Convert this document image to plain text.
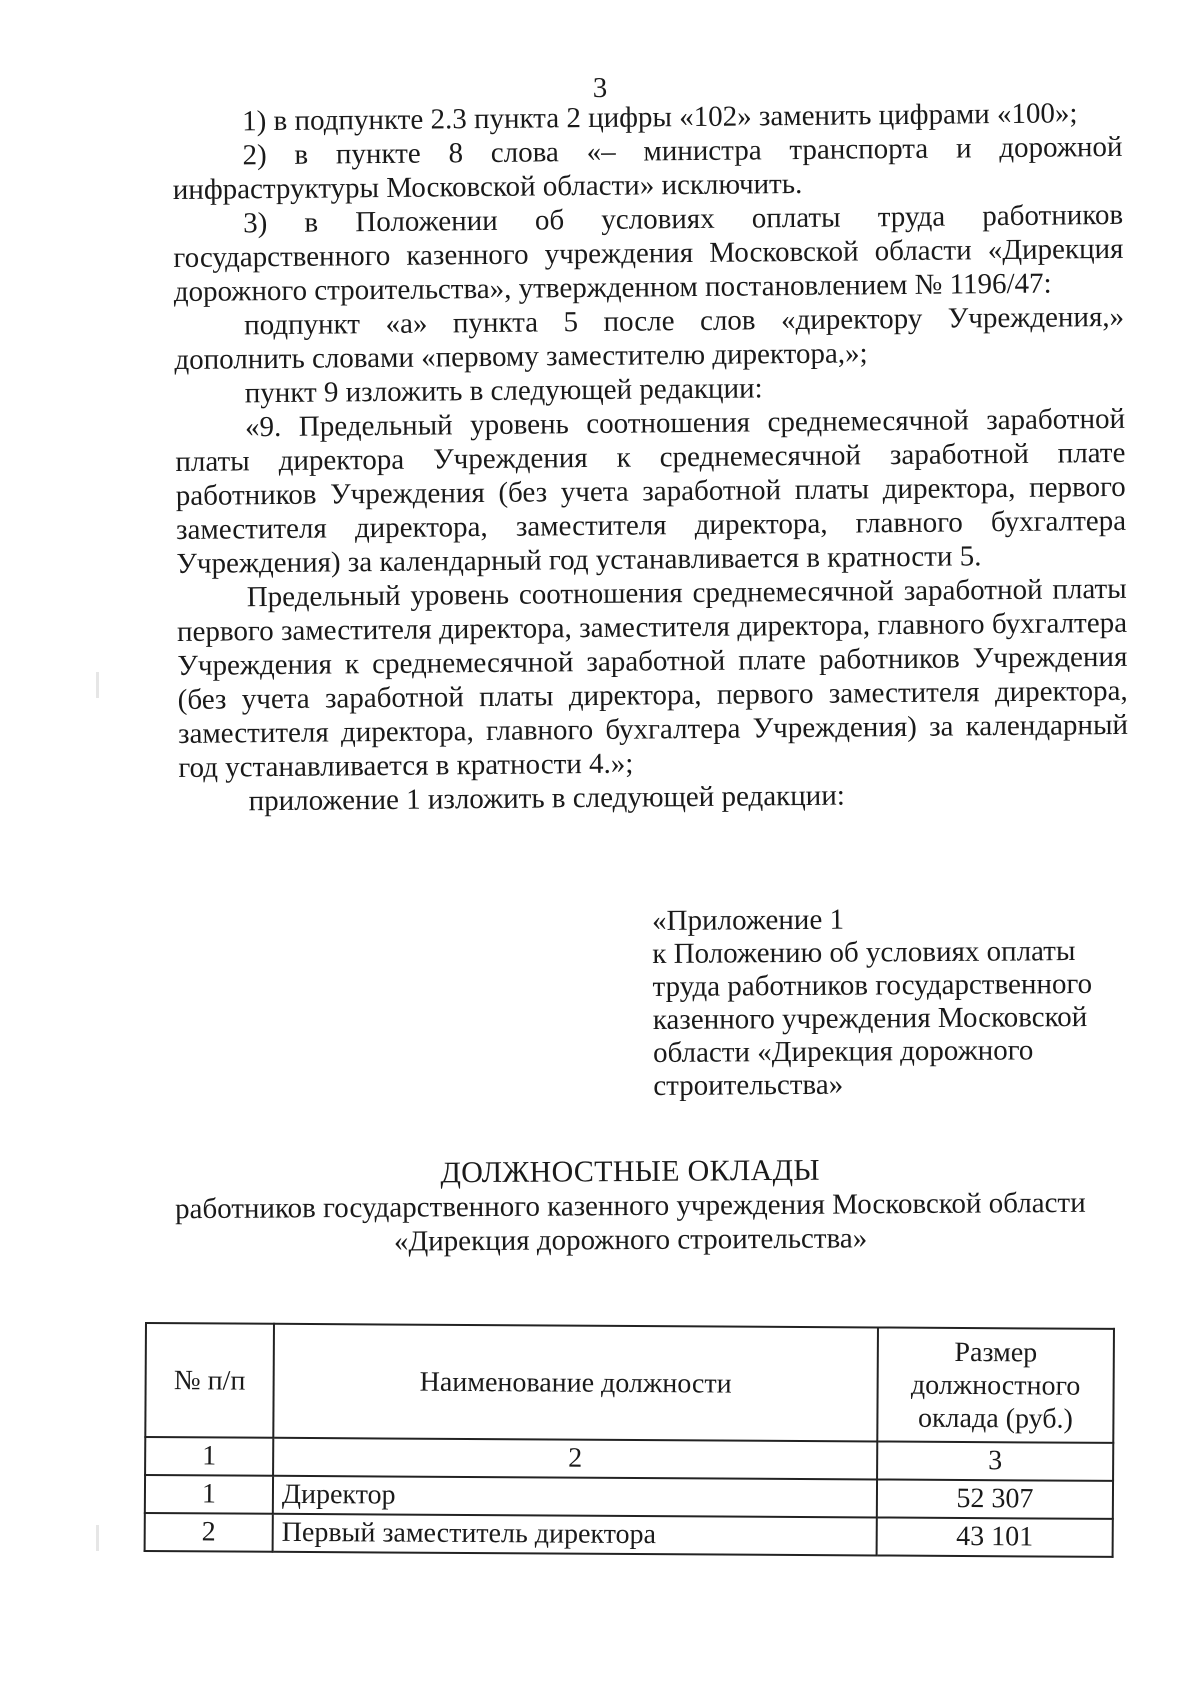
3

1) в подпункте 2.3 пункта 2 цифры «102» заменить цифрами «100»;

2) в пункте 8 слова «– министра транспорта и дорожной инфраструктуры Московской области» исключить.

3) в Положении об условиях оплаты труда работников государственного казенного учреждения Московской области «Дирекция дорожного строительства», утвержденном постановлением № 1196/47:

подпункт «а» пункта 5 после слов «директору Учреждения,» дополнить словами «первому заместителю директора,»;

пункт 9 изложить в следующей редакции:

«9. Предельный уровень соотношения среднемесячной заработной платы директора Учреждения к среднемесячной заработной плате работников Учреждения (без учета заработной платы директора, первого заместителя директора, заместителя директора, главного бухгалтера Учреждения) за календарный год устанавливается в кратности 5.

Предельный уровень соотношения среднемесячной заработной платы первого заместителя директора, заместителя директора, главного бухгалтера Учреждения к среднемесячной заработной плате работников Учреждения (без учета заработной платы директора, первого заместителя директора, заместителя директора, главного бухгалтера Учреждения) за календарный год устанавливается в кратности 4.»;

приложение 1 изложить в следующей редакции:

«Приложение 1
к Положению об условиях оплаты
труда работников государственного
казенного учреждения Московской
области «Дирекция дорожного
строительства»
ДОЛЖНОСТНЫЕ ОКЛАДЫ
работников государственного казенного учреждения Московской области
«Дирекция дорожного строительства»
№ п/п	Наименование должности	Размер должностного оклада (руб.)
1	2	3
1	Директор	52 307
2	Первый заместитель директора	43 101
